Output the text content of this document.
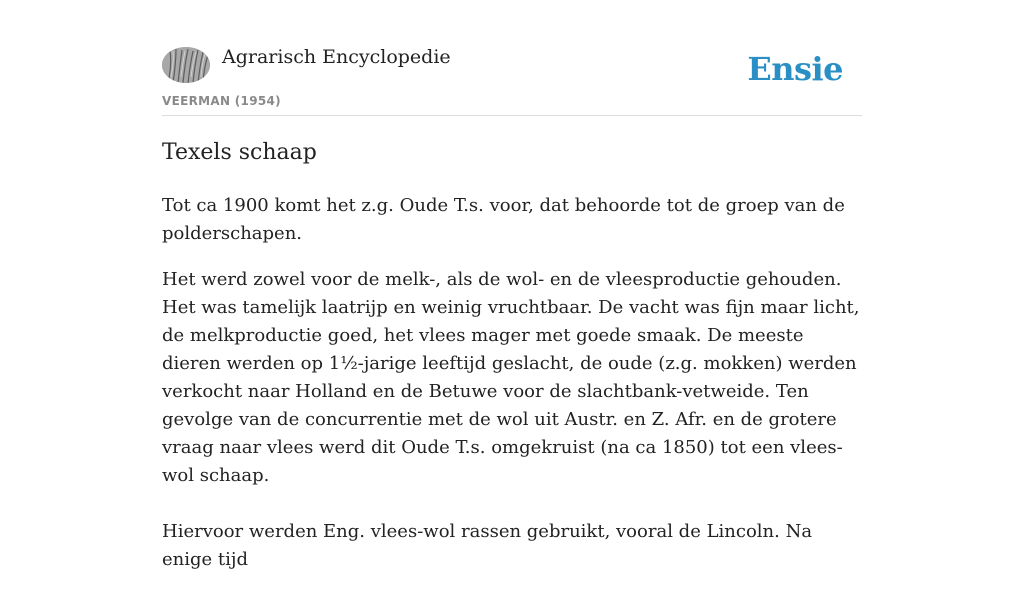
Agrarisch Encyclopedie
VEERMAN (1954)
Ensie
Texels schaap

Tot ca 1900 komt het z.g. Oude T.s. voor, dat behoorde tot de groep van de polderschapen.

Het werd zowel voor de melk-, als de wol- en de vleesproductie gehouden. Het was tamelijk laatrijp en weinig vruchtbaar. De vacht was fijn maar licht, de melkproductie goed, het vlees mager met goede smaak. De meeste dieren werden op 1½-jarige leeftijd geslacht, de oude (z.g. mokken) werden verkocht naar Holland en de Betuwe voor de slachtbank-vetweide. Ten gevolge van de concurrentie met de wol uit Austr. en Z. Afr. en de grotere vraag naar vlees werd dit Oude T.s. omgekruist (na ca 1850) tot een vlees-wol schaap.

Hiervoor werden Eng. vlees-wol rassen gebruikt, vooral de Lincoln. Na enige tijd
